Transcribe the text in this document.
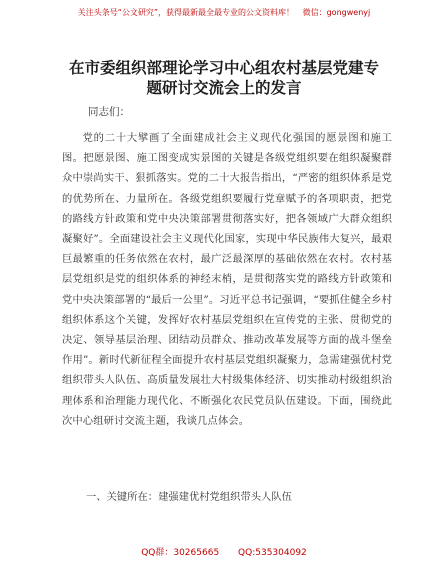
关注头条号“公文研究”，获得最新最全最专业的公文资料库！ 微信：gongwenyj
在市委组织部理论学习中心组农村基层党建专
题研讨交流会上的发言
同志们：

党的二十大擘画了全面建成社会主义现代化强国的愿景图和施工图。把愿景图、施工图变成实景图的关键是各级党组织要在组织凝聚群众中崇尚实干、狠抓落实。党的二十大报告指出，“严密的组织体系是党的优势所在、力量所在。各级党组织要履行党章赋予的各项职责，把党的路线方针政策和党中央决策部署贯彻落实好，把各领域广大群众组织凝聚好”。全面建设社会主义现代化国家，实现中华民族伟大复兴，最艰巨最繁重的任务依然在农村，最广泛最深厚的基础依然在农村。农村基层党组织是党的组织体系的神经末梢，是贯彻落实党的路线方针政策和党中央决策部署的“最后一公里”。习近平总书记强调，“要抓住健全乡村组织体系这个关键，发挥好农村基层党组织在宣传党的主张、贯彻党的决定、领导基层治理、团结动员群众、推动改革发展等方面的战斗堡垒作用”。新时代新征程全面提升农村基层党组织凝聚力，急需建强优村党组织带头人队伍、高质量发展壮大村级集体经济、切实推动村级组织治理体系和治理能力现代化、不断强化农民党员队伍建设。下面，围绕此次中心组研讨交流主题，我谈几点体会。

一、关键所在：建强建优村党组织带头人队伍
QQ群：30265665 QQ:535304092
